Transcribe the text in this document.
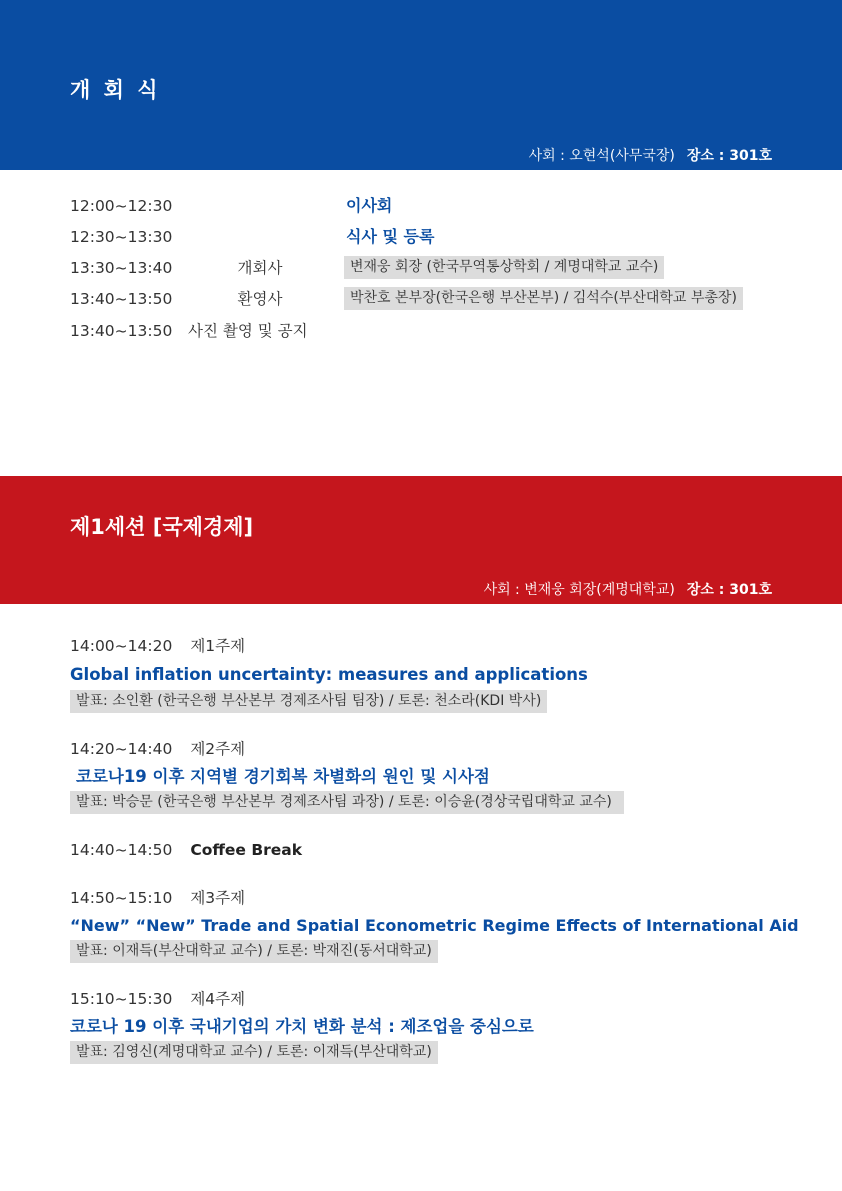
개 회 식
사회 : 오현석(사무국장) 장소 : 301호
12:00~12:30	이사회
12:30~13:30	식사 및 등록
13:30~13:40	개회사	변재웅 회장 (한국무역통상학회 / 계명대학교 교수)
13:40~13:50	환영사	박찬호 본부장(한국은행 부산본부) / 김석수(부산대학교 부총장)
13:40~13:50 사진 촬영 및 공지
제1세션 [국제경제]
사회 : 변재웅 회장(계명대학교) 장소 : 301호
14:00~14:20 제1주제
Global inflation uncertainty: measures and applications
발표: 소인환 (한국은행 부산본부 경제조사팀 팀장) / 토론: 천소라(KDI 박사)
14:20~14:40 제2주제
코로나19 이후 지역별 경기회복 차별화의 원인 및 시사점
발표: 박승문 (한국은행 부산본부 경제조사팀 과장) / 토론: 이승윤(경상국립대학교 교수)
14:40~14:50 Coffee Break
14:50~15:10 제3주제
“New” “New” Trade and Spatial Econometric Regime Effects of International Aid
발표: 이재득(부산대학교 교수) / 토론: 박재진(동서대학교)
15:10~15:30 제4주제
코로나 19 이후 국내기업의 가치 변화 분석 : 제조업을 중심으로
발표: 김영신(계명대학교 교수) / 토론: 이재득(부산대학교)
